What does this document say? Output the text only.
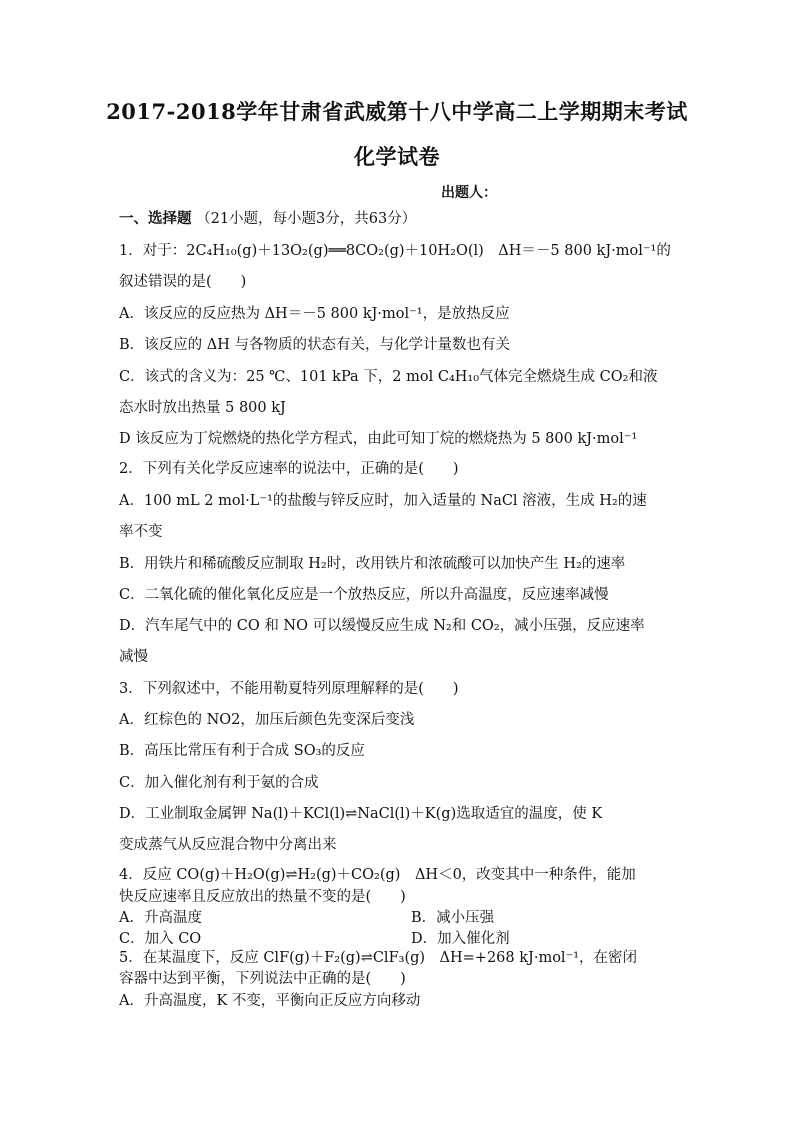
2017-2018学年甘肃省武威第十八中学高二上学期期末考试
化学试卷
出题人：
一、选择题 （21小题，每小题3分，共63分）
1．对于：2C₄H₁₀(g)＋13O₂(g)══8CO₂(g)＋10H₂O(l)　ΔH＝－5 800 kJ·mol⁻¹的
叙述错误的是(　　)
A．该反应的反应热为 ΔH＝－5 800 kJ·mol⁻¹，是放热反应
B．该反应的 ΔH 与各物质的状态有关，与化学计量数也有关
C．该式的含义为：25 ℃、101 kPa 下，2 mol C₄H₁₀气体完全燃烧生成 CO₂和液
态水时放出热量 5 800 kJ
D 该反应为丁烷燃烧的热化学方程式，由此可知丁烷的燃烧热为 5 800 kJ·mol⁻¹
2．下列有关化学反应速率的说法中，正确的是(　　)
A．100 mL 2 mol·L⁻¹的盐酸与锌反应时，加入适量的 NaCl 溶液，生成 H₂的速
率不变
B．用铁片和稀硫酸反应制取 H₂时，改用铁片和浓硫酸可以加快产生 H₂的速率
C．二氧化硫的催化氧化反应是一个放热反应，所以升高温度，反应速率减慢
D．汽车尾气中的 CO 和 NO 可以缓慢反应生成 N₂和 CO₂，减小压强，反应速率
减慢
3．下列叙述中，不能用勒夏特列原理解释的是(　　)
A．红棕色的 NO2，加压后颜色先变深后变浅
B．高压比常压有利于合成 SO₃的反应
C．加入催化剂有利于氨的合成
D．工业制取金属钾 Na(l)＋KCl(l)⇌NaCl(l)＋K(g)选取适宜的温度，使 K
变成蒸气从反应混合物中分离出来
4．反应 CO(g)＋H₂O(g)⇌H₂(g)＋CO₂(g)　ΔH＜0，改变其中一种条件，能加
快反应速率且反应放出的热量不变的是(　　)
A．升高温度	B．减小压强
C．加入 CO	D．加入催化剂
5．在某温度下，反应 ClF(g)＋F₂(g)⇌ClF₃(g)　ΔH=+268 kJ·mol⁻¹，在密闭
容器中达到平衡，下列说法中正确的是(　　)
A．升高温度，K 不变，平衡向正反应方向移动
